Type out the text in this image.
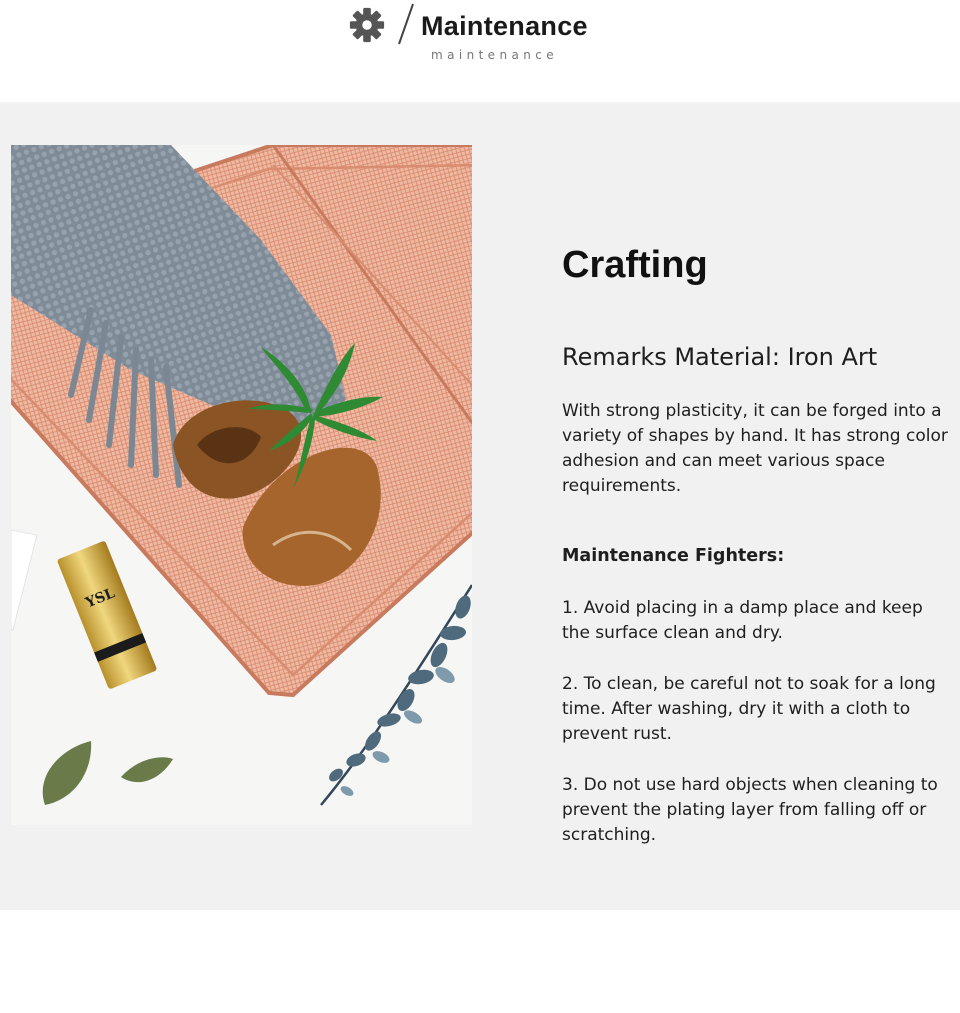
Maintenance
maintenance
YSL
Crafting
Remarks Material: Iron Art
With strong plasticity, it can be forged into a variety of shapes by hand. It has strong color adhesion and can meet various space requirements.
Maintenance Fighters:
1. Avoid placing in a damp place and keep the surface clean and dry.
2. To clean, be careful not to soak for a long time. After washing, dry it with a cloth to prevent rust.
3. Do not use hard objects when cleaning to prevent the plating layer from falling off or scratching.
